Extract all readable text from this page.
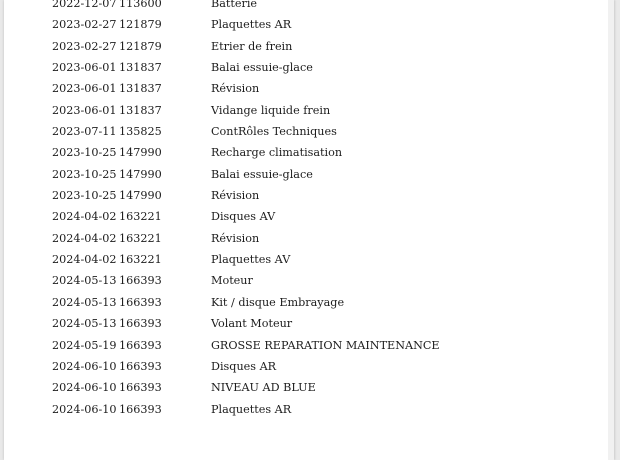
2022-12-07 113600	Batterie
2023-02-27 121879	Plaquettes AR
2023-02-27 121879	Etrier de frein
2023-06-01 131837	Balai essuie-glace
2023-06-01 131837	Révision
2023-06-01 131837	Vidange liquide frein
2023-07-11 135825	ContRôles Techniques
2023-10-25 147990	Recharge climatisation
2023-10-25 147990	Balai essuie-glace
2023-10-25 147990	Révision
2024-04-02 163221	Disques AV
2024-04-02 163221	Révision
2024-04-02 163221	Plaquettes AV
2024-05-13 166393	Moteur
2024-05-13 166393	Kit / disque Embrayage
2024-05-13 166393	Volant Moteur
2024-05-19 166393	GROSSE REPARATION MAINTENANCE
2024-06-10 166393	Disques AR
2024-06-10 166393	NIVEAU AD BLUE
2024-06-10 166393	Plaquettes AR
